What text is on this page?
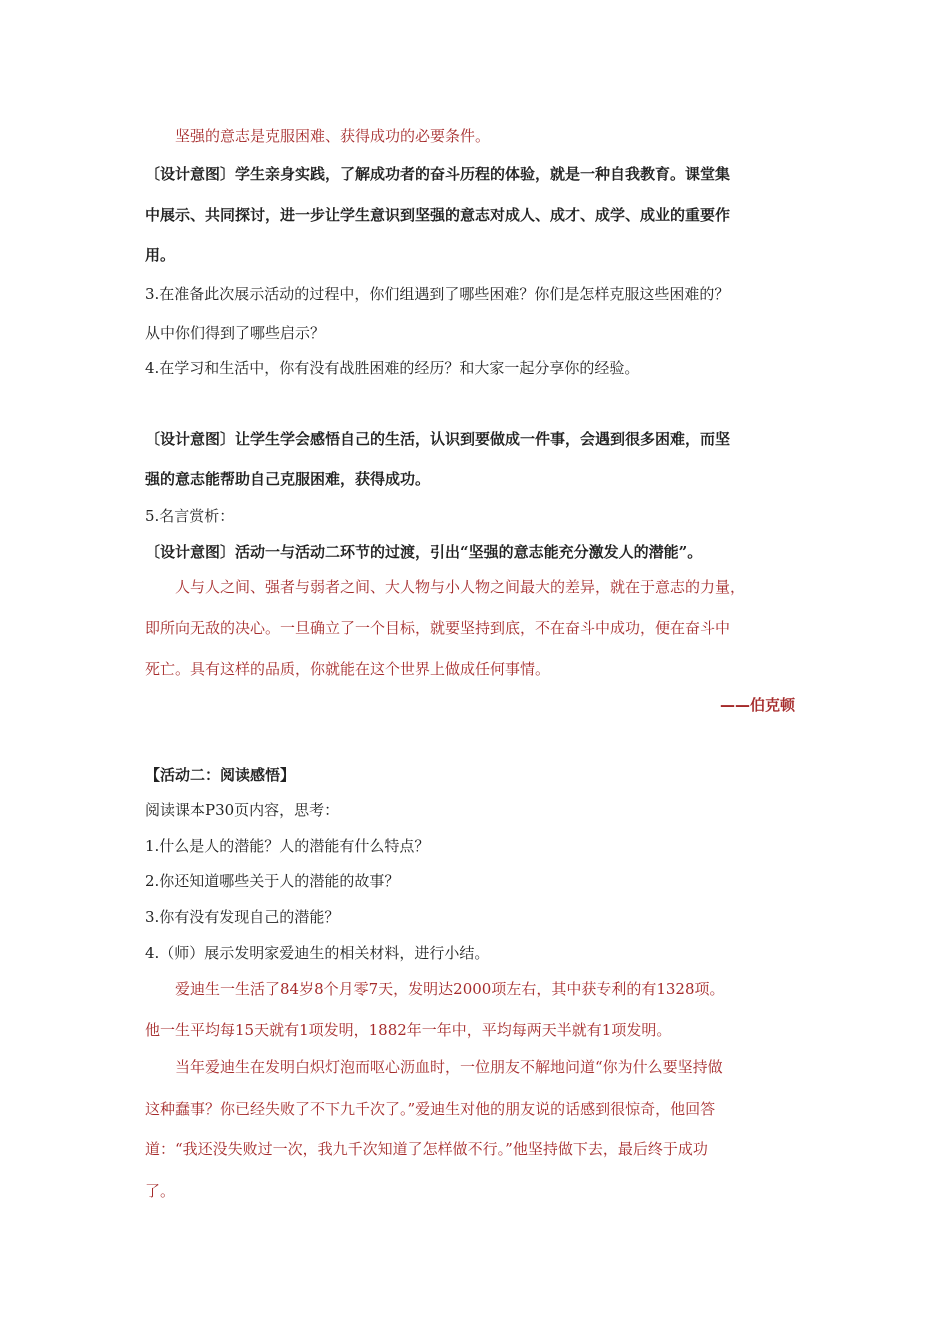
坚强的意志是克服困难、获得成功的必要条件。
〔设计意图〕学生亲身实践，了解成功者的奋斗历程的体验，就是一种自我教育。课堂集
中展示、共同探讨，进一步让学生意识到坚强的意志对成人、成才、成学、成业的重要作
用。
3.在准备此次展示活动的过程中，你们组遇到了哪些困难？你们是怎样克服这些困难的？
从中你们得到了哪些启示？
4.在学习和生活中，你有没有战胜困难的经历？和大家一起分享你的经验。
〔设计意图〕让学生学会感悟自己的生活，认识到要做成一件事，会遇到很多困难，而坚
强的意志能帮助自己克服困难，获得成功。
5.名言赏析：
〔设计意图〕活动一与活动二环节的过渡，引出“坚强的意志能充分激发人的潜能”。
人与人之间、强者与弱者之间、大人物与小人物之间最大的差异，就在于意志的力量，
即所向无敌的决心。一旦确立了一个目标，就要坚持到底，不在奋斗中成功，便在奋斗中
死亡。具有这样的品质，你就能在这个世界上做成任何事情。
——伯克顿
【活动二：阅读感悟】
阅读课本P30页内容，思考：
1.什么是人的潜能？人的潜能有什么特点？
2.你还知道哪些关于人的潜能的故事？
3.你有没有发现自己的潜能？
4.（师）展示发明家爱迪生的相关材料，进行小结。
爱迪生一生活了84岁8个月零7天，发明达2000项左右，其中获专利的有1328项。
他一生平均每15天就有1项发明，1882年一年中，平均每两天半就有1项发明。
当年爱迪生在发明白炽灯泡而呕心沥血时，一位朋友不解地问道“你为什么要坚持做
这种蠢事？你已经失败了不下九千次了。”爱迪生对他的朋友说的话感到很惊奇，他回答
道：“我还没失败过一次，我九千次知道了怎样做不行。”他坚持做下去，最后终于成功
了。
